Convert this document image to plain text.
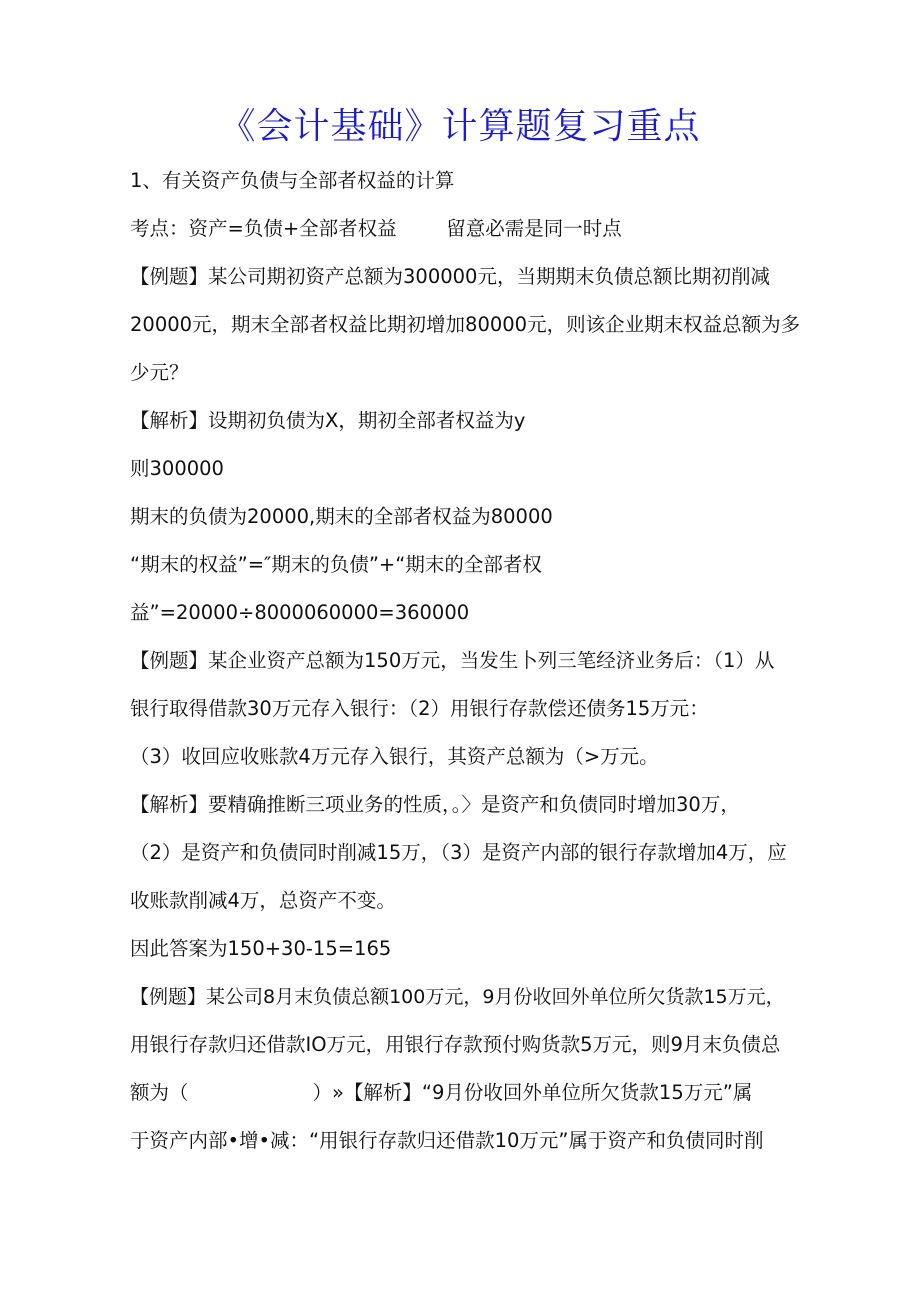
《会计基础》计算题复习重点
1、有关资产负债与全部者权益的计算
考点：资产=负债+全部者权益        留意必需是同一时点
【例题】某公司期初资产总额为300000元，当期期末负债总额比期初削减
20000元，期末全部者权益比期初增加80000元，则该企业期末权益总额为多
少元？
【解析】设期初负债为X，期初全部者权益为y
则300000
期末的负债为20000,期末的全部者权益为80000
“期末的权益”=″期末的负债”+“期末的全部者权
益”=20000÷8000060000=360000
【例题】某企业资产总额为150万元，当发生卜列三笔经济业务后：（1）从
银行取得借款30万元存入银行：（2）用银行存款偿还债务15万元：
（3）收回应收账款4万元存入银行，其资产总额为（>万元。
【解析】要精确推断三项业务的性质，。〉是资产和负债同时增加30万，
（2）是资产和负债同时削减15万，（3）是资产内部的银行存款增加4万，应
收账款削减4万，总资产不变。
因此答案为150+30-15=165
【例题】某公司8月末负债总额100万元，9月份收回外单位所欠货款15万元，
用银行存款归还借款IO万元，用银行存款预付购货款5万元，则9月末负债总
额为（                    ）»【解析】“9月份收回外单位所欠货款15万元”属
于资产内部•增•减：“用银行存款归还借款10万元”属于资产和负债同时削
